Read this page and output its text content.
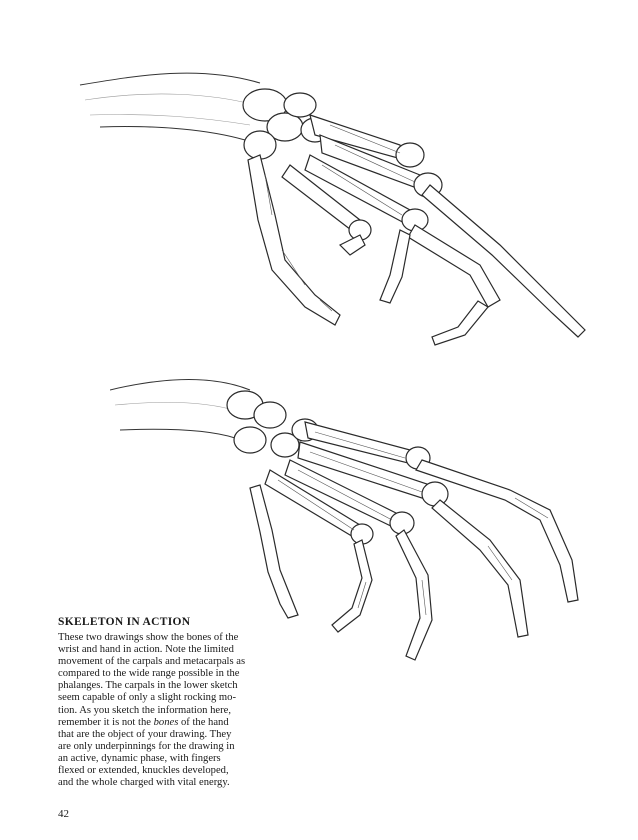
SKELETON IN ACTION

These two drawings show the bones of the
wrist and hand in action. Note the limited
movement of the carpals and metacarpals as
compared to the wide range possible in the
phalanges. The carpals in the lower sketch
seem capable of only a slight rocking mo-
tion. As you sketch the information here,
remember it is not the bones of the hand
that are the object of your drawing. They
are only underpinnings for the drawing in
an active, dynamic phase, with fingers
flexed or extended, knuckles developed,
and the whole charged with vital energy.

42
